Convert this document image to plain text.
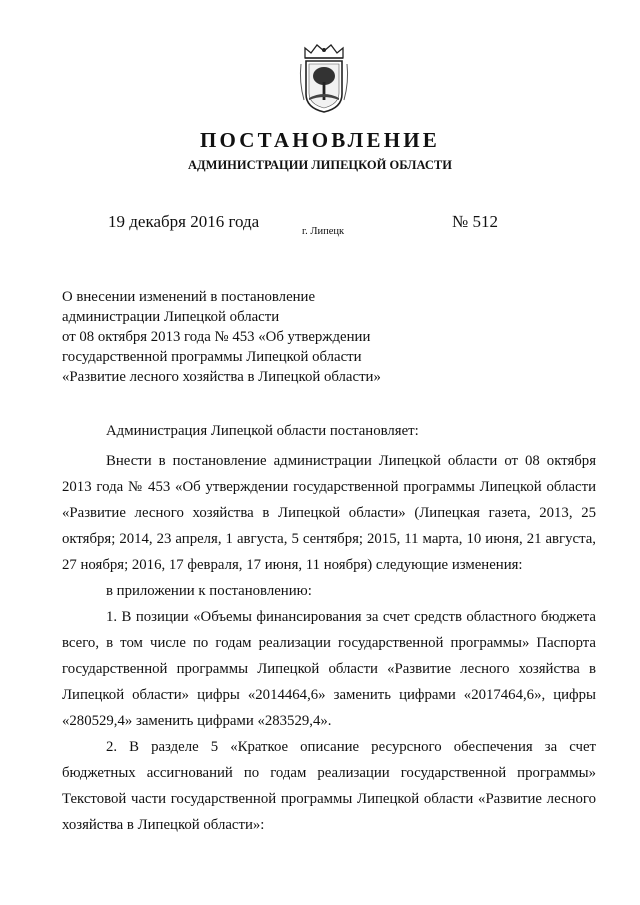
ПОСТАНОВЛЕНИЕ
АДМИНИСТРАЦИИ ЛИПЕЦКОЙ ОБЛАСТИ
19 декабря 2016 года
г. Липецк
№ 512
О внесении изменений в постановление
администрации Липецкой области
от 08 октября 2013 года № 453 «Об утверждении
государственной программы Липецкой области
«Развитие лесного хозяйства в Липецкой области»

Администрация Липецкой области постановляет:

Внести в постановление администрации Липецкой области от 08 октября 2013 года № 453 «Об утверждении государственной программы Липецкой области «Развитие лесного хозяйства в Липецкой области» (Липецкая газета, 2013, 25 октября; 2014, 23 апреля, 1 августа, 5 сентября; 2015, 11 марта, 10 июня, 21 августа, 27 ноября; 2016, 17 февраля, 17 июня, 11 ноября) следующие изменения:

в приложении к постановлению:

1. В позиции «Объемы финансирования за счет средств областного бюджета всего, в том числе по годам реализации государственной программы» Паспорта государственной программы Липецкой области «Развитие лесного хозяйства в Липецкой области» цифры «2014464,6» заменить цифрами «2017464,6», цифры «280529,4» заменить цифрами «283529,4».

2. В разделе 5 «Краткое описание ресурсного обеспечения за счет бюджетных ассигнований по годам реализации государственной программы» Текстовой части государственной программы Липецкой области «Развитие лесного хозяйства в Липецкой области»:
